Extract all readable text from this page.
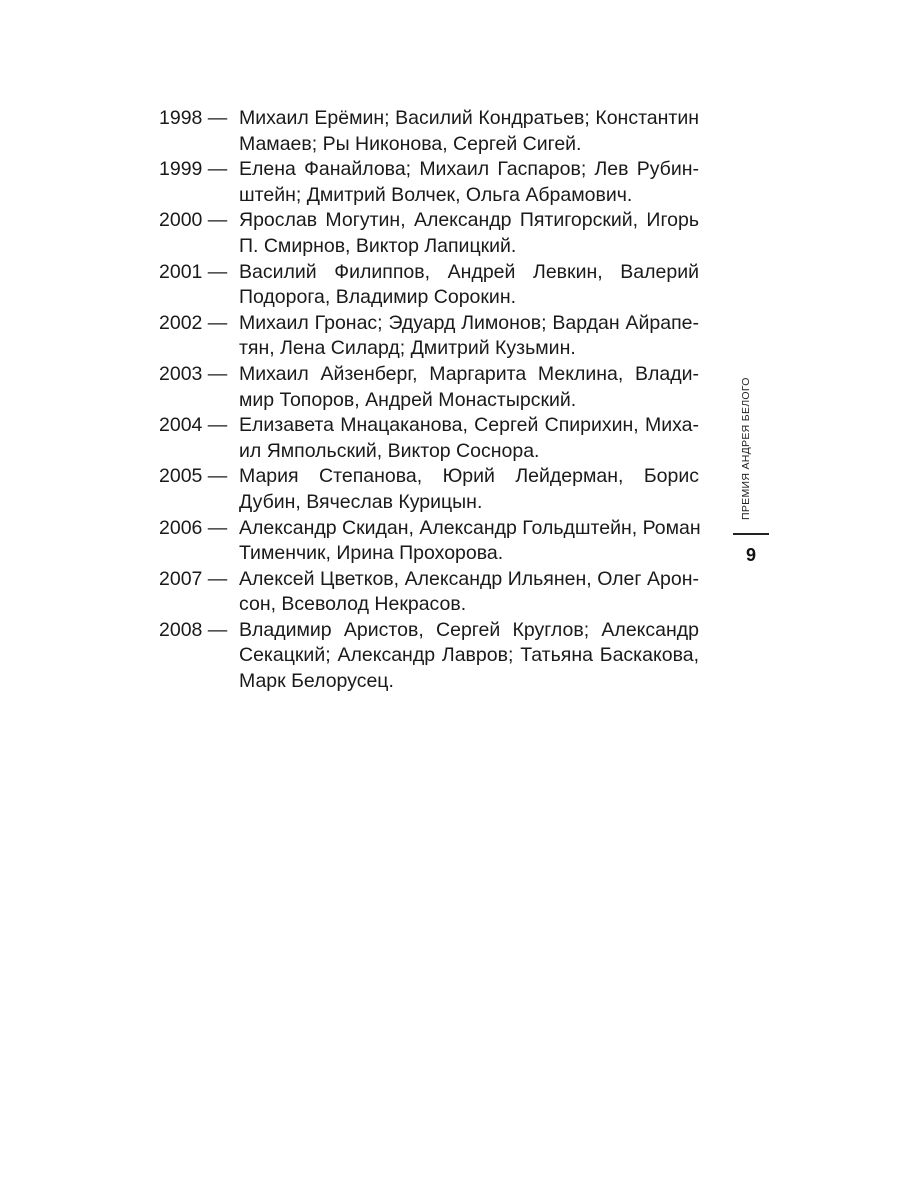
1998 — Михаил Ерёмин; Василий Кондратьев; Константин
Мамаев; Ры Никонова, Сергей Сигей.
1999 — Елена Фанайлова; Михаил Гаспаров; Лев Рубин-
штейн; Дмитрий Волчек, Ольга Абрамович.
2000 — Ярослав Могутин, Александр Пятигорский, Игорь
П. Смирнов, Виктор Лапицкий.
2001 — Василий Филиппов, Андрей Левкин, Валерий
Подорога, Владимир Сорокин.
2002 — Михаил Гронас; Эдуард Лимонов; Вардан Айрапе-
тян, Лена Силард; Дмитрий Кузьмин.
2003 — Михаил Айзенберг, Маргарита Меклина, Влади-
мир Топоров, Андрей Монастырский.
2004 — Елизавета Мнацаканова, Сергей Спирихин, Миха-
ил Ямпольский, Виктор Соснора.
2005 — Мария Степанова, Юрий Лейдерман, Борис
Дубин, Вячеслав Курицын.
2006 — Александр Скидан, Александр Гольдштейн, Роман
Тименчик, Ирина Прохорова.
2007 — Алексей Цветков, Александр Ильянен, Олег Арон-
сон, Всеволод Некрасов.
2008 — Владимир Аристов, Сергей Круглов; Александр
Секацкий; Александр Лавров; Татьяна Баскакова,
Марк Белорусец.
ПРЕМИЯ АНДРЕЯ БЕЛОГО
9
